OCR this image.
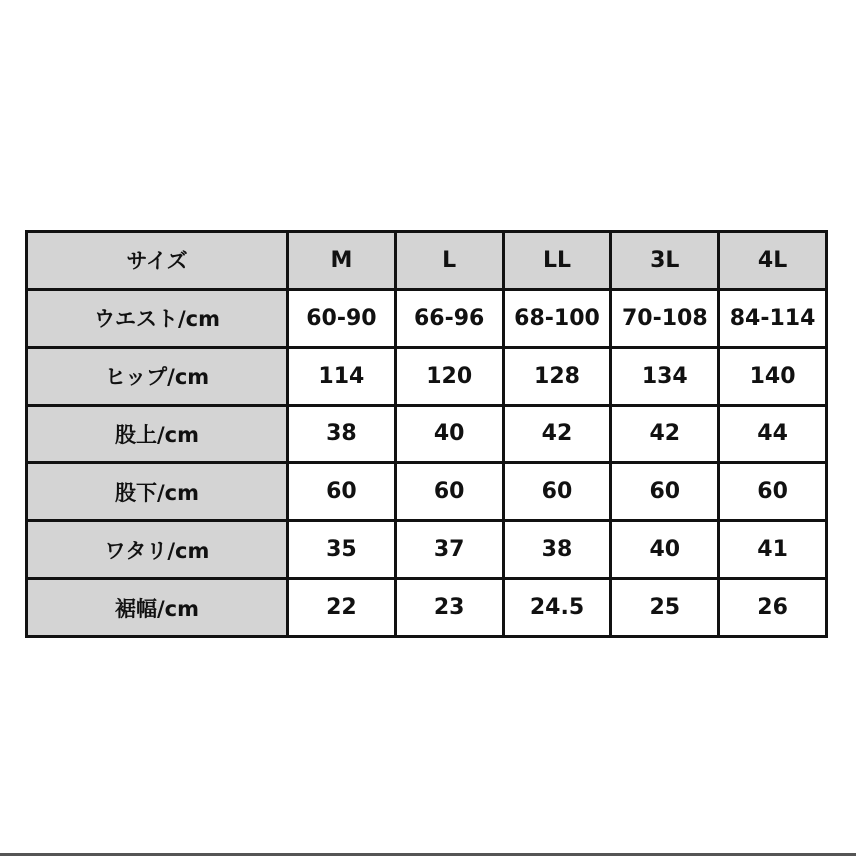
サイズ	M	L	LL	3L	4L
ウエスト/cm	60-90	66-96	68-100	70-108	84-114
ヒップ/cm	114	120	128	134	140
股上/cm	38	40	42	42	44
股下/cm	60	60	60	60	60
ワタリ/cm	35	37	38	40	41
裾幅/cm	22	23	24.5	25	26
